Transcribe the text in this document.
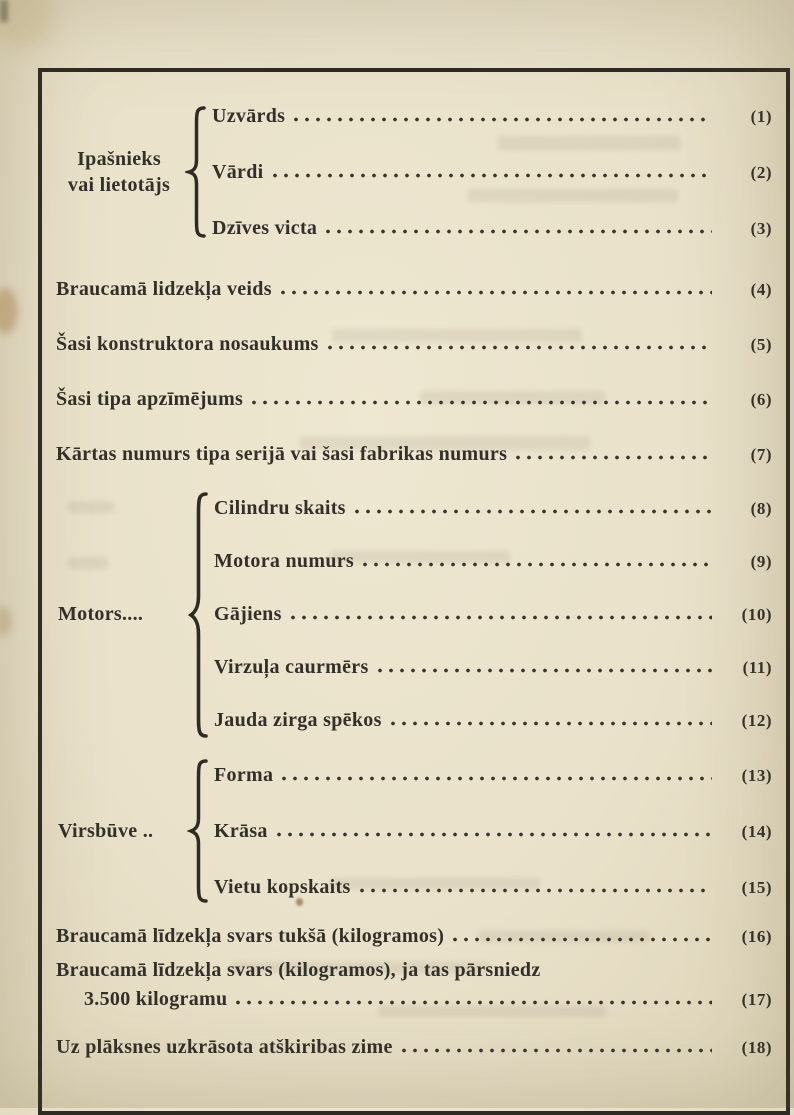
Ipašnieks
vai lietotājs
Uzvārds	(1)
Vārdi	(2)
Dzīves victa	(3)
Braucamā lidzekļa veids	(4)
Šasi konstruktora nosaukums	(5)
Šasi tipa apzīmējums	(6)
Kārtas numurs tipa serijā vai šasi fabrikas numurs	(7)
Motors....
Cilindru skaits	(8)
Motora numurs	(9)
Gājiens	(10)
Virzuļa caurmērs	(11)
Jauda zirga spēkos	(12)
Virsbūve ..
Forma	(13)
Krāsa	(14)
Vietu kopskaits	(15)
Braucamā līdzekļa svars tukšā (kilogramos)	(16)
Braucamā līdzekļa svars (kilogramos), ja tas pārsniedz
3.500 kilogramu	(17)
Uz plāksnes uzkrāsota atškiribas zime	(18)
